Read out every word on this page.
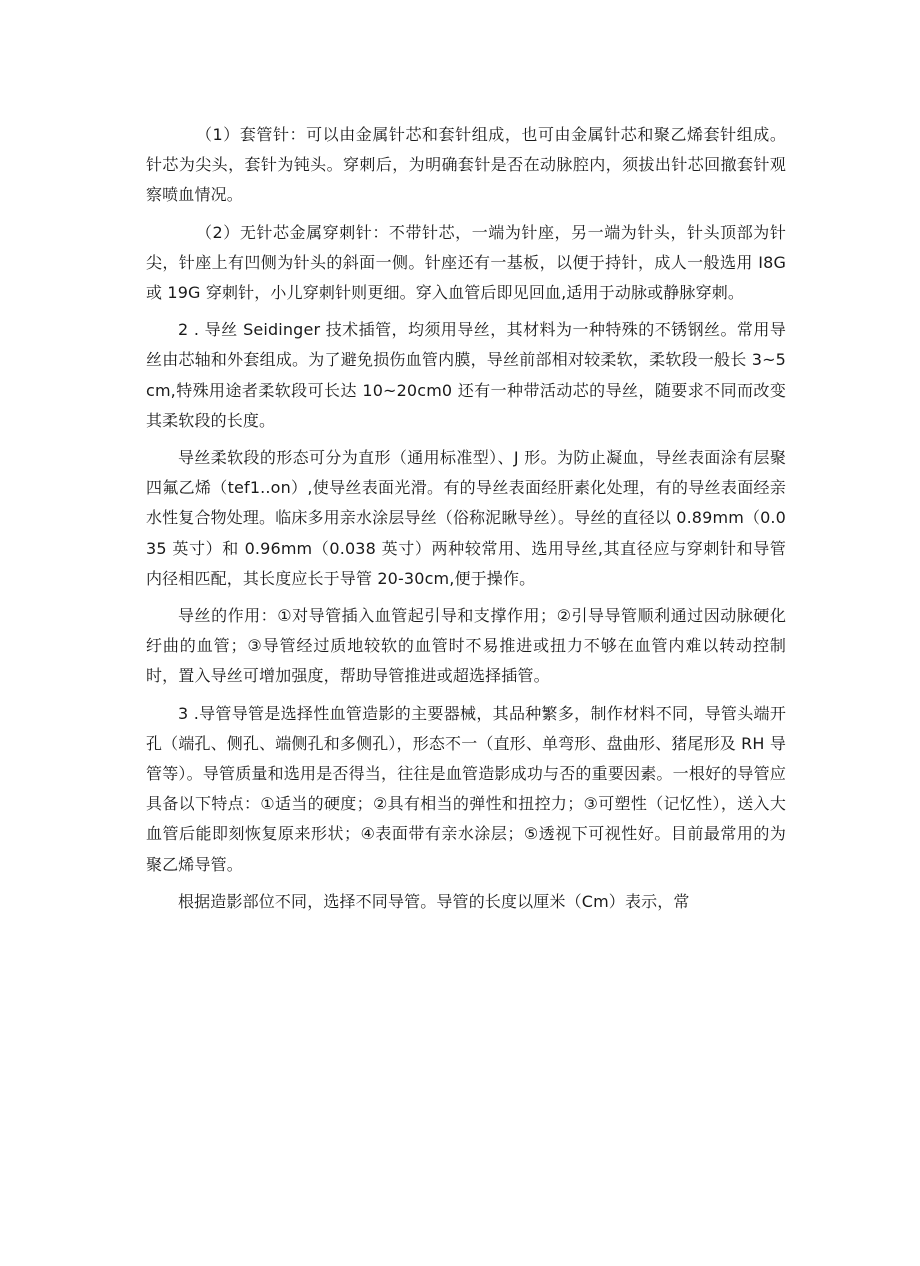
（1）套管针：可以由金属针芯和套针组成，也可由金属针芯和聚乙烯套针组成。针芯为尖头，套针为钝头。穿刺后，为明确套针是否在动脉腔内，须拔出针芯回撤套针观察喷血情况。

（2）无针芯金属穿刺针：不带针芯，一端为针座，另一端为针头，针头顶部为针尖，针座上有凹侧为针头的斜面一侧。针座还有一基板，以便于持针，成人一般选用 I8G 或 19G 穿刺针，小儿穿刺针则更细。穿入血管后即见回血,适用于动脉或静脉穿刺。

2 . 导丝 Seidinger 技术插管，均须用导丝，其材料为一种特殊的不锈钢丝。常用导丝由芯轴和外套组成。为了避免损伤血管内膜，导丝前部相对较柔软，柔软段一般长 3~5cm,特殊用途者柔软段可长达 10~20cm0 还有一种带活动芯的导丝，随要求不同而改变其柔软段的长度。

导丝柔软段的形态可分为直形（通用标准型）、J 形。为防止凝血，导丝表面涂有层聚四氟乙烯（tef1..on）,使导丝表面光滑。有的导丝表面经肝素化处理，有的导丝表面经亲水性复合物处理。临床多用亲水涂层导丝（俗称泥瞅导丝）。导丝的直径以 0.89mm（0.035 英寸）和 0.96mm（0.038 英寸）两种较常用、选用导丝,其直径应与穿刺针和导管内径相匹配，其长度应长于导管 20-30cm,便于操作。

导丝的作用：①对导管插入血管起引导和支撑作用；②引导导管顺利通过因动脉硬化纡曲的血管；③导管经过质地较软的血管时不易推进或扭力不够在血管内难以转动控制时，置入导丝可增加强度，帮助导管推进或超选择插管。

3 .导管导管是选择性血管造影的主要器械，其品种繁多，制作材料不同，导管头端开孔（端孔、侧孔、端侧孔和多侧孔），形态不一（直形、单弯形、盘曲形、猪尾形及 RH 导管等）。导管质量和选用是否得当，往往是血管造影成功与否的重要因素。一根好的导管应具备以下特点：①适当的硬度；②具有相当的弹性和扭控力；③可塑性（记忆性），送入大血管后能即刻恢复原来形状；④表面带有亲水涂层；⑤透视下可视性好。目前最常用的为聚乙烯导管。

根据造影部位不同，选择不同导管。导管的长度以厘米（Cm）表示，常
